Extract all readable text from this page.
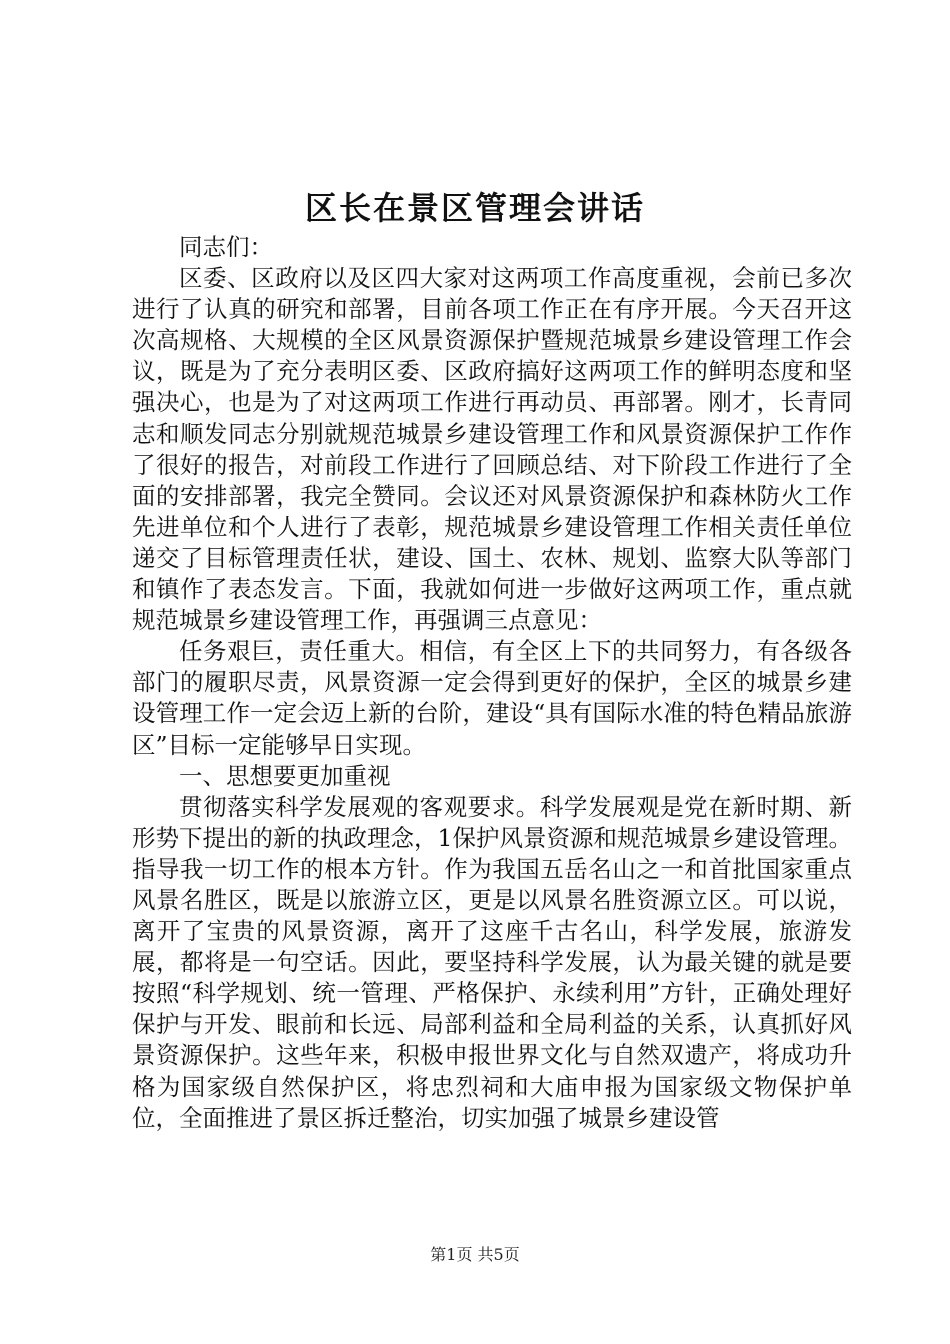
区长在景区管理会讲话

同志们：

区委、区政府以及区四大家对这两项工作高度重视，会前已多次进行了认真的研究和部署，目前各项工作正在有序开展。今天召开这次高规格、大规模的全区风景资源保护暨规范城景乡建设管理工作会议，既是为了充分表明区委、区政府搞好这两项工作的鲜明态度和坚强决心，也是为了对这两项工作进行再动员、再部署。刚才，长青同志和顺发同志分别就规范城景乡建设管理工作和风景资源保护工作作了很好的报告，对前段工作进行了回顾总结、对下阶段工作进行了全面的安排部署，我完全赞同。会议还对风景资源保护和森林防火工作先进单位和个人进行了表彰，规范城景乡建设管理工作相关责任单位递交了目标管理责任状，建设、国土、农林、规划、监察大队等部门和镇作了表态发言。下面，我就如何进一步做好这两项工作，重点就规范城景乡建设管理工作，再强调三点意见：

任务艰巨，责任重大。相信，有全区上下的共同努力，有各级各部门的履职尽责，风景资源一定会得到更好的保护，全区的城景乡建设管理工作一定会迈上新的台阶，建设“具有国际水准的特色精品旅游区”目标一定能够早日实现。

一、思想要更加重视

贯彻落实科学发展观的客观要求。科学发展观是党在新时期、新形势下提出的新的执政理念，1保护风景资源和规范城景乡建设管理。指导我一切工作的根本方针。作为我国五岳名山之一和首批国家重点风景名胜区，既是以旅游立区，更是以风景名胜资源立区。可以说，离开了宝贵的风景资源，离开了这座千古名山，科学发展，旅游发展，都将是一句空话。因此，要坚持科学发展，认为最关键的就是要按照“科学规划、统一管理、严格保护、永续利用”方针，正确处理好保护与开发、眼前和长远、局部利益和全局利益的关系，认真抓好风景资源保护。这些年来，积极申报世界文化与自然双遗产，将成功升格为国家级自然保护区，将忠烈祠和大庙申报为国家级文物保护单位，全面推进了景区拆迁整治，切实加强了城景乡建设管

第1页 共5页
